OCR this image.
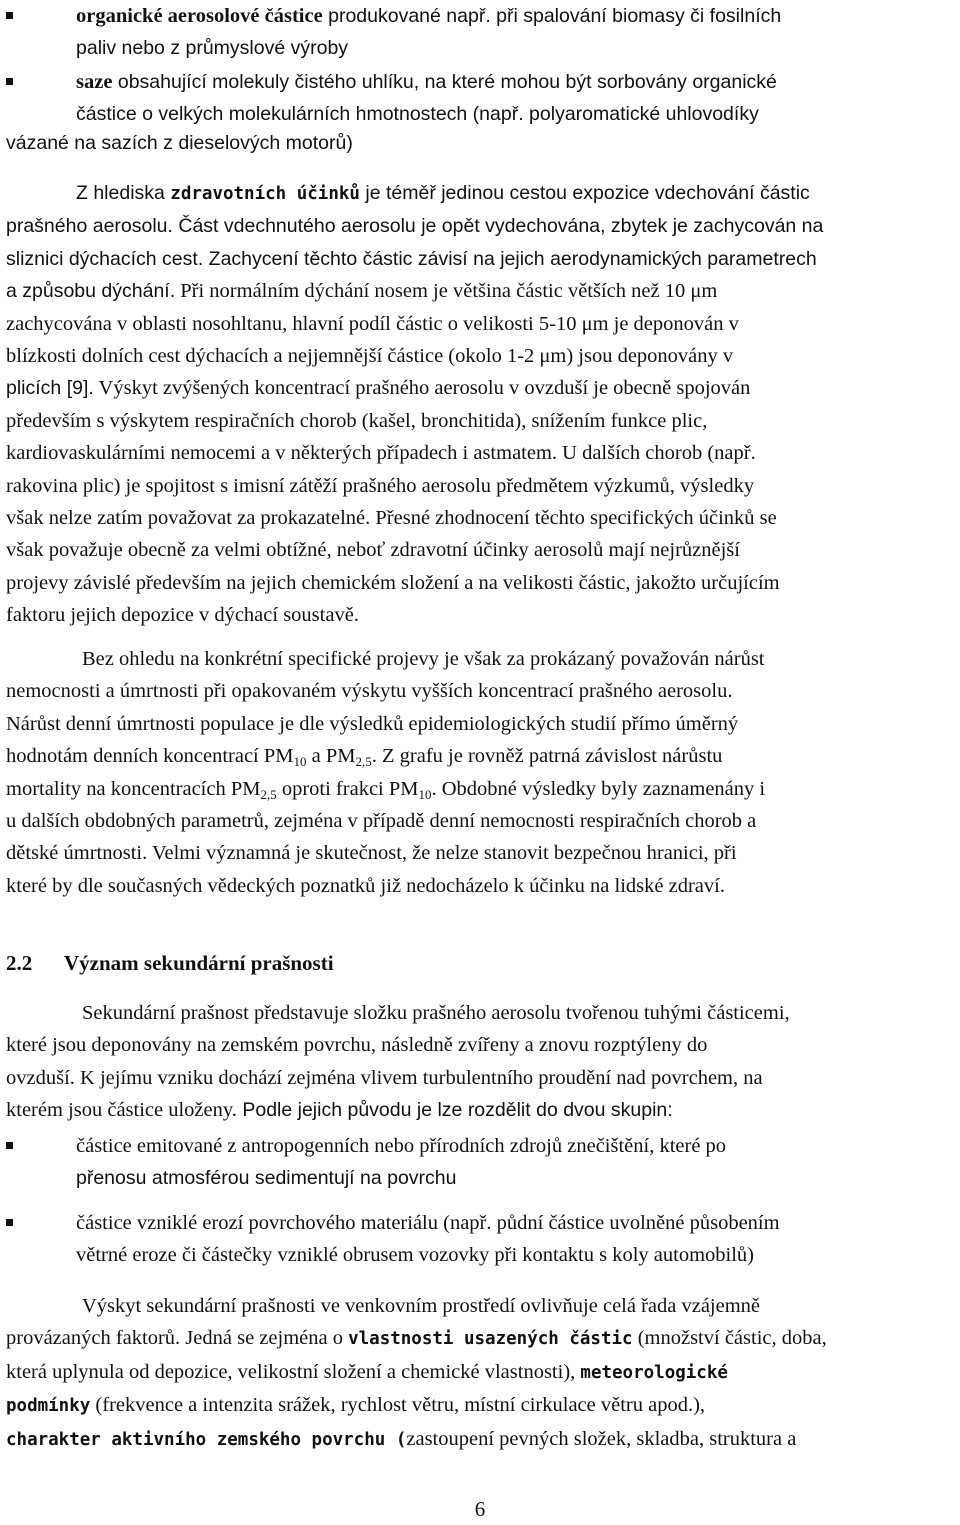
organické aerosolové částice produkované např. při spalování biomasy či fosilních

paliv nebo z průmyslové výroby

saze obsahující molekuly čistého uhlíku, na které mohou být sorbovány organické

částice o velkých molekulárních hmotnostech (např. polyaromatické uhlovodíky

vázané na sazích z dieselových motorů)

Z hlediska zdravotních účinků je téměř jedinou cestou expozice vdechování částic

prašného aerosolu. Část vdechnutého aerosolu je opět vydechována, zbytek je zachycován na

sliznici dýchacích cest. Zachycení těchto částic závisí na jejich aerodynamických parametrech

a způsobu dýchání. Při normálním dýchání nosem je většina částic větších než 10 μm

zachycována v oblasti nosohltanu, hlavní podíl částic o velikosti 5-10 μm je deponován v

blízkosti dolních cest dýchacích a nejjemnější částice (okolo 1-2 μm) jsou deponovány v

plicích [9]. Výskyt zvýšených koncentrací prašného aerosolu v ovzduší je obecně spojován

především s výskytem respiračních chorob (kašel, bronchitida), snížením funkce plic,

kardiovaskulárními nemocemi a v některých případech i astmatem. U dalších chorob (např.

rakovina plic) je spojitost s imisní zátěží prašného aerosolu předmětem výzkumů, výsledky

však nelze zatím považovat za prokazatelné. Přesné zhodnocení těchto specifických účinků se

však považuje obecně za velmi obtížné, neboť zdravotní účinky aerosolů mají nejrůznější

projevy závislé především na jejich chemickém složení a na velikosti částic, jakožto určujícím

faktoru jejich depozice v dýchací soustavě.

Bez ohledu na konkrétní specifické projevy je však za prokázaný považován nárůst

nemocnosti a úmrtnosti při opakovaném výskytu vyšších koncentrací prašného aerosolu.

Nárůst denní úmrtnosti populace je dle výsledků epidemiologických studií přímo úměrný

hodnotám denních koncentrací $PM_{10}$ a $PM_{2,5}$. Z grafu je rovněž patrná závislost nárůstu

mortality na koncentracích $PM_{2,5}$ oproti frakci $PM_{10}$. Obdobné výsledky byly zaznamenány i

u dalších obdobných parametrů, zejména v případě denní nemocnosti respiračních chorob a

dětské úmrtnosti. Velmi významná je skutečnost, že nelze stanovit bezpečnou hranici, při

které by dle současných vědeckých poznatků již nedocházelo k účinku na lidské zdraví.

2.2 Význam sekundární prašnosti

Sekundární prašnost představuje složku prašného aerosolu tvořenou tuhými částicemi,

které jsou deponovány na zemském povrchu, následně zvířeny a znovu rozptýleny do

ovzduší. K jejímu vzniku dochází zejména vlivem turbulentního proudění nad povrchem, na

kterém jsou částice uloženy. Podle jejich původu je lze rozdělit do dvou skupin:

částice emitované z antropogenních nebo přírodních zdrojů znečištění, které po

přenosu atmosférou sedimentují na povrchu

částice vzniklé erozí povrchového materiálu (např. půdní částice uvolněné působením

větrné eroze či částečky vzniklé obrusem vozovky při kontaktu s koly automobilů)

Výskyt sekundární prašnosti ve venkovním prostředí ovlivňuje celá řada vzájemně

provázaných faktorů. Jedná se zejména o vlastnosti usazených částic (množství částic, doba,

která uplynula od depozice, velikostní složení a chemické vlastnosti), meteorologické

podmínky (frekvence a intenzita srážek, rychlost větru, místní cirkulace větru apod.),

charakter aktivního zemského povrchu (zastoupení pevných složek, skladba, struktura a

6
